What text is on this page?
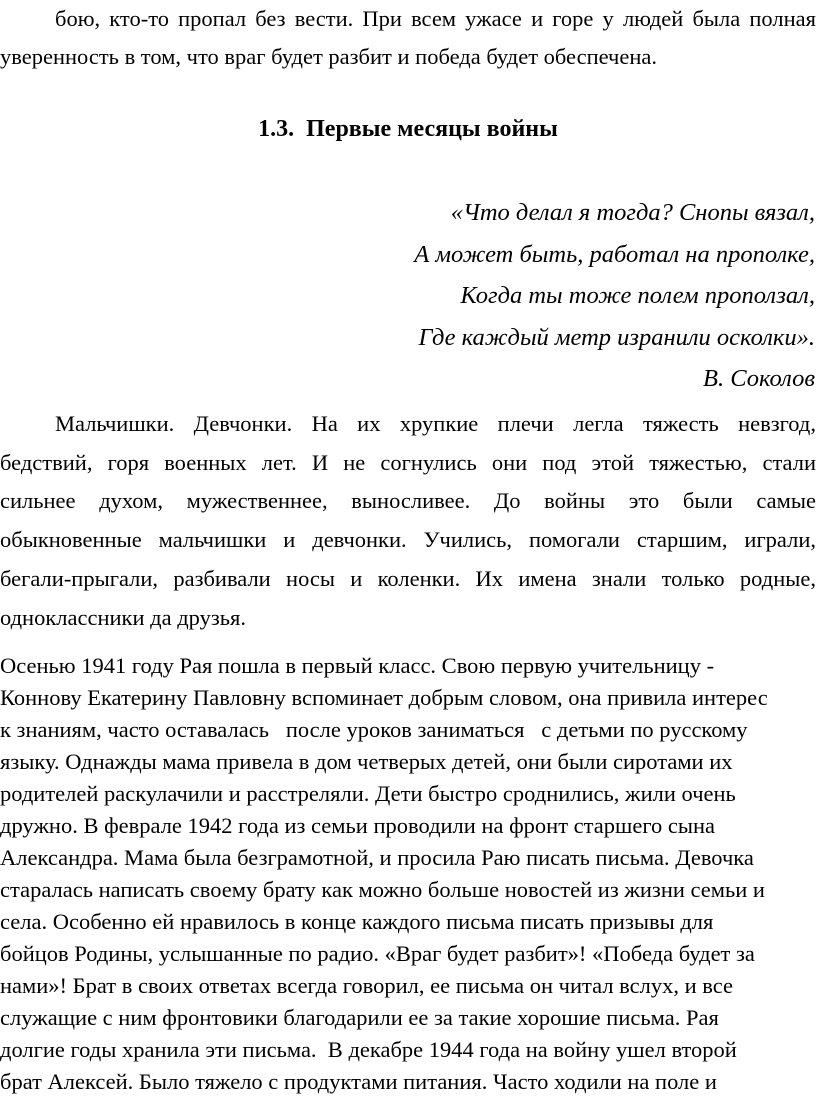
бою, кто-то пропал без вести. При всем ужасе и горе у людей была полная
уверенность в том, что враг будет разбит и победа будет обеспечена.
1.3.  Первые месяцы войны
«Что делал я тогда? Снопы вязал,
А может быть, работал на прополке,
Когда ты тоже полем проползал,
Где каждый метр изранили осколки».
В. Соколов
Мальчишки. Девчонки. На их хрупкие плечи легла тяжесть невзгод,
бедствий, горя военных лет. И не согнулись они под этой тяжестью, стали
сильнее духом, мужественнее, выносливее. До войны это были самые
обыкновенные мальчишки и девчонки. Учились, помогали старшим, играли,
бегали-прыгали, разбивали носы и коленки. Их имена знали только родные,
одноклассники да друзья.
Осенью 1941 году Рая пошла в первый класс. Свою первую учительницу -
Коннову Екатерину Павловну вспоминает добрым словом, она привила интерес
к знаниям, часто оставалась   после уроков заниматься   с детьми по русскому
языку. Однажды мама привела в дом четверых детей, они были сиротами их
родителей раскулачили и расстреляли. Дети быстро сроднились, жили очень
дружно. В феврале 1942 года из семьи проводили на фронт старшего сына
Александра. Мама была безграмотной, и просила Раю писать письма. Девочка
старалась написать своему брату как можно больше новостей из жизни семьи и
села. Особенно ей нравилось в конце каждого письма писать призывы для
бойцов Родины, услышанные по радио. «Враг будет разбит»! «Победа будет за
нами»! Брат в своих ответах всегда говорил, ее письма он читал вслух, и все
служащие с ним фронтовики благодарили ее за такие хорошие письма. Рая
долгие годы хранила эти письма.  В декабре 1944 года на войну ушел второй
брат Алексей. Было тяжело с продуктами питания. Часто ходили на поле и
